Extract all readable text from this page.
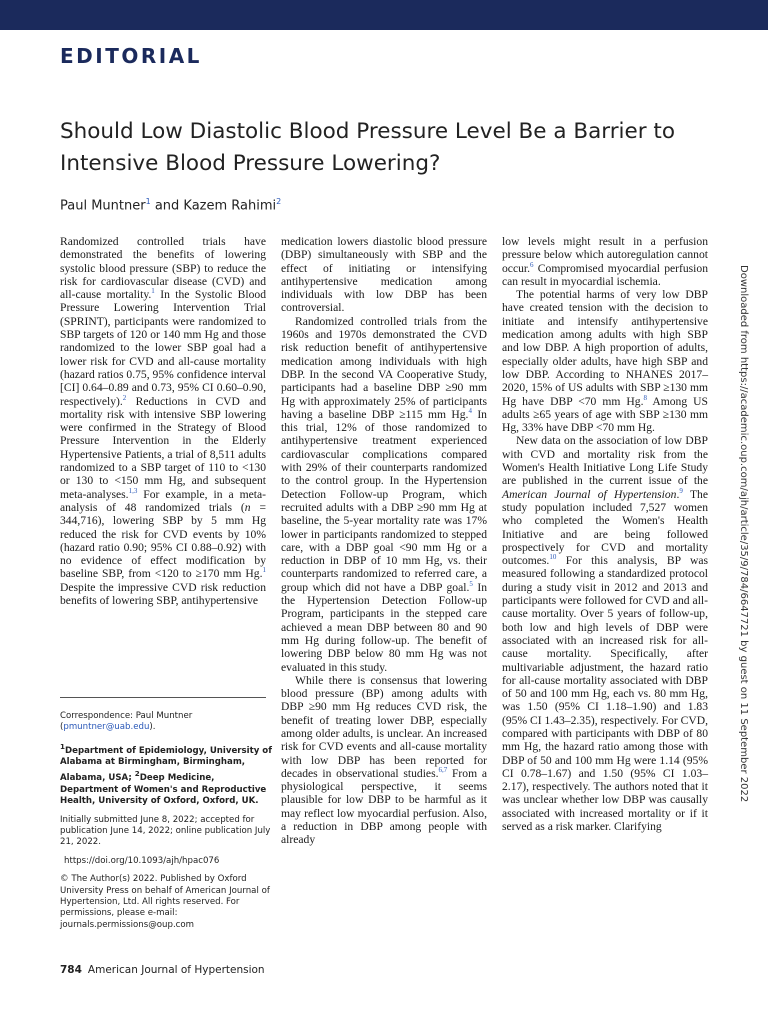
EDITORIAL
Should Low Diastolic Blood Pressure Level Be a Barrier to Intensive Blood Pressure Lowering?
Paul Muntner$^1$ and Kazem Rahimi$^2$

Randomized controlled trials have demonstrated the benefits of lowering systolic blood pressure (SBP) to reduce the risk for cardiovascular disease (CVD) and all-cause mortality.$^1$ In the Systolic Blood Pressure Lowering Intervention Trial (SPRINT), participants were randomized to SBP targets of 120 or 140 mm Hg and those randomized to the lower SBP goal had a lower risk for CVD and all-cause mortality (hazard ratios 0.75, 95% confidence interval [CI] 0.64–0.89 and 0.73, 95% CI 0.60–0.90, respectively).$^2$ Reductions in CVD and mortality risk with intensive SBP lowering were confirmed in the Strategy of Blood Pressure Intervention in the Elderly Hypertensive Patients, a trial of 8,511 adults randomized to a SBP target of 110 to <130 or 130 to <150 mm Hg, and subsequent meta-analyses.$^{1,3}$ For example, in a meta-analysis of 48 randomized trials (n = 344,716), lowering SBP by 5 mm Hg reduced the risk for CVD events by 10% (hazard ratio 0.90; 95% CI 0.88–0.92) with no evidence of effect modification by baseline SBP, from <120 to ≥170 mm Hg.$^1$ Despite the impressive CVD risk reduction benefits of lowering SBP, antihypertensive

medication lowers diastolic blood pressure (DBP) simultaneously with SBP and the effect of initiating or intensifying antihypertensive medication among individuals with low DBP has been controversial.

Randomized controlled trials from the 1960s and 1970s demonstrated the CVD risk reduction benefit of antihypertensive medication among individuals with high DBP. In the second VA Cooperative Study, participants had a baseline DBP ≥90 mm Hg with approximately 25% of participants having a baseline DBP ≥115 mm Hg.$^4$ In this trial, 12% of those randomized to antihypertensive treatment experienced cardiovascular complications compared with 29% of their counterparts randomized to the control group. In the Hypertension Detection Follow-up Program, which recruited adults with a DBP ≥90 mm Hg at baseline, the 5-year mortality rate was 17% lower in participants randomized to stepped care, with a DBP goal <90 mm Hg or a reduction in DBP of 10 mm Hg, vs. their counterparts randomized to referred care, a group which did not have a DBP goal.$^5$ In the Hypertension Detection Follow-up Program, participants in the stepped care achieved a mean DBP between 80 and 90 mm Hg during follow-up. The benefit of lowering DBP below 80 mm Hg was not evaluated in this study.

While there is consensus that lowering blood pressure (BP) among adults with DBP ≥90 mm Hg reduces CVD risk, the benefit of treating lower DBP, especially among older adults, is unclear. An increased risk for CVD events and all-cause mortality with low DBP has been reported for decades in observational studies.$^{6,7}$ From a physiological perspective, it seems plausible for low DBP to be harmful as it may reflect low myocardial perfusion. Also, a reduction in DBP among people with already

low levels might result in a perfusion pressure below which autoregulation cannot occur.$^6$ Compromised myocardial perfusion can result in myocardial ischemia.

The potential harms of very low DBP have created tension with the decision to initiate and intensify antihypertensive medication among adults with high SBP and low DBP. A high proportion of adults, especially older adults, have high SBP and low DBP. According to NHANES 2017–2020, 15% of US adults with SBP ≥130 mm Hg have DBP <70 mm Hg.$^8$ Among US adults ≥65 years of age with SBP ≥130 mm Hg, 33% have DBP <70 mm Hg.

New data on the association of low DBP with CVD and mortality risk from the Women's Health Initiative Long Life Study are published in the current issue of the American Journal of Hypertension.$^9$ The study population included 7,527 women who completed the Women's Health Initiative and are being followed prospectively for CVD and mortality outcomes.$^{10}$ For this analysis, BP was measured following a standardized protocol during a study visit in 2012 and 2013 and participants were followed for CVD and all-cause mortality. Over 5 years of follow-up, both low and high levels of DBP were associated with an increased risk for all-cause mortality. Specifically, after multivariable adjustment, the hazard ratio for all-cause mortality associated with DBP of 50 and 100 mm Hg, each vs. 80 mm Hg, was 1.50 (95% CI 1.18–1.90) and 1.83 (95% CI 1.43–2.35), respectively. For CVD, compared with participants with DBP of 80 mm Hg, the hazard ratio among those with DBP of 50 and 100 mm Hg were 1.14 (95% CI 0.78–1.67) and 1.50 (95% CI 1.03–2.17), respectively. The authors noted that it was unclear whether low DBP was causally associated with increased mortality or if it served as a risk marker. Clarifying

Correspondence: Paul Muntner (pmuntner@uab.edu).

$^1$Department of Epidemiology, University of Alabama at Birmingham, Birmingham, Alabama, USA; $^2$Deep Medicine, Department of Women's and Reproductive Health, University of Oxford, Oxford, UK.

Initially submitted June 8, 2022; accepted for publication June 14, 2022; online publication July 21, 2022.

https://doi.org/10.1093/ajh/hpac076

© The Author(s) 2022. Published by Oxford University Press on behalf of American Journal of Hypertension, Ltd. All rights reserved. For permissions, please e-mail: journals.permissions@oup.com

784 American Journal of Hypertension
Downloaded from https://academic.oup.com/ajh/article/35/9/784/6647721 by guest on 11 September 2022
